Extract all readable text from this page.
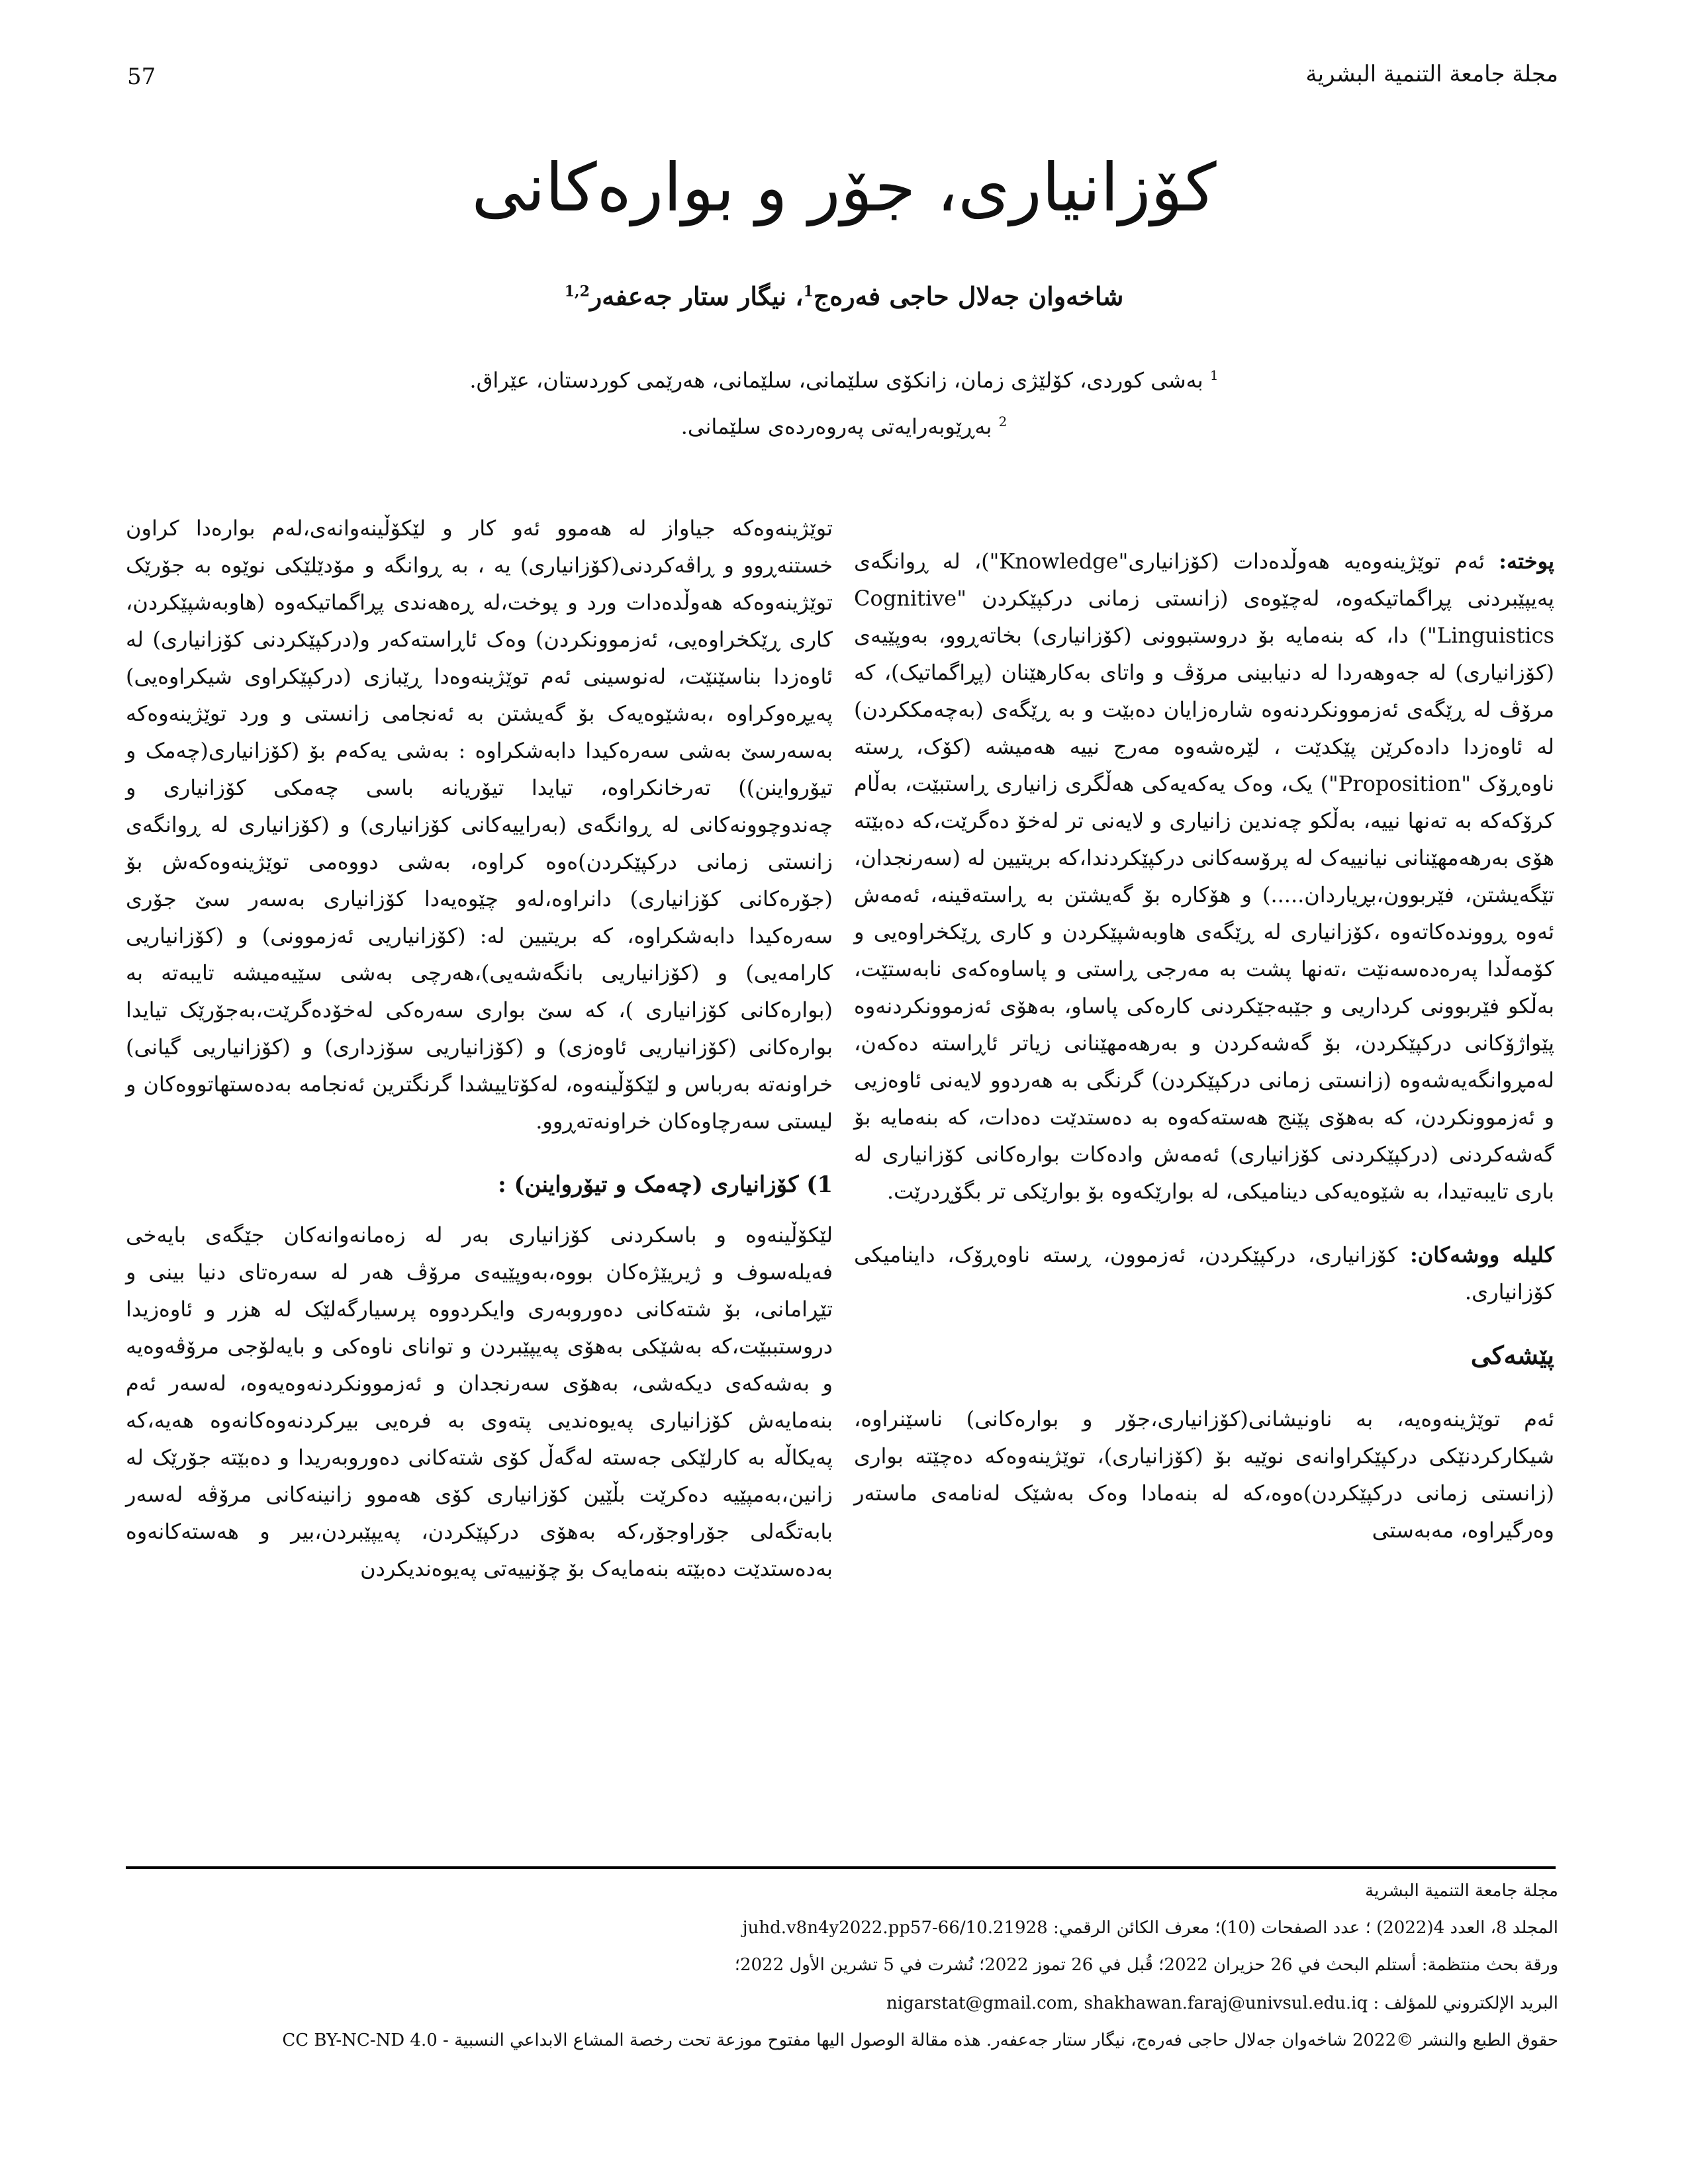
57	مجلة جامعة التنمية البشرية
کۆزانیاری، جۆر و بوارەکانی
شاخەوان جەلال حاجی فەرەج$^1$، نیگار ستار جەعفەر$^{1,2}$
$^1$ بەشی کوردی، کۆلێژی زمان، زانکۆی سلێمانی، سلێمانی، هەرێمی کوردستان، عێراق.
$^2$ بەڕێوبەرایەتی پەروەردەی سلێمانی.

پوختە: ئەم توێژینەوەیە هەوڵدەدات (کۆزانیاری"Knowledge")، لە ڕوانگەی پەیپێبردنی پڕاگماتیکەوە، لەچێوەی (زانستی زمانی درکپێکردن "Cognitive Linguistics") دا، کە بنەمایە بۆ دروستبوونی (کۆزانیاری) بخاتەڕوو، بەوپێیەی (کۆزانیاری) لە جەوهەردا لە دنیابینی مرۆڤ و واتای بەکارهێنان (پڕاگماتیک)، کە مرۆڤ لە ڕێگەی ئەزموونکردنەوە شارەزایان دەبێت و بە ڕێگەی (بەچەمککردن) لە ئاوەزدا دادەکرێن پێکدێت ، لێرەشەوە مەرج نییە هەمیشە (کۆک، ڕستە ناوەڕۆک "Proposition") یک، وەک یەکەیەکی هەڵگری زانیاری ڕاستبێت، بەڵام کرۆکەکە بە تەنها نییە، بەڵکو چەندین زانیاری و لایەنی تر لەخۆ دەگرێت،کە دەبێتە هۆی بەرهەمهێنانی نیانییەک لە پرۆسەکانی درکپێکردندا،کە بریتیین لە (سەرنجدان، تێگەیشتن، فێربوون،بڕیاردان.....) و هۆکارە بۆ گەیشتن بە ڕاستەقینە، ئەمەش ئەوە ڕووندەکاتەوە ،کۆزانیاری لە ڕێگەی هاوبەشپێکردن و کاری ڕێکخراوەیی و کۆمەڵدا پەرەدەسەنێت ،تەنها پشت بە مەرجی ڕاستی و پاساوەکەی نابەستێت، بەڵکو فێربوونی کرداریی و جێبەجێکردنی کارەکی پاساو، بەهۆی ئەزموونکردنەوە پێواژۆکانی درکپێکردن، بۆ گەشەکردن و بەرهەمهێنانی زیاتر ئاڕاستە دەکەن، لەمڕوانگەیەشەوە (زانستی زمانی درکپێکردن) گرنگی بە هەردوو لایەنی ئاوەزیی و ئەزموونکردن، کە بەهۆی پێنج هەستەکەوە بە دەستدێت دەدات، کە بنەمایە بۆ گەشەکردنی (درکپێکردنی کۆزانیاری) ئەمەش وادەکات بوارەکانی کۆزانیاری لە باری تایبەتیدا، بە شێوەیەکی دینامیکی، لە بوارێکەوە بۆ بوارێکی تر بگۆڕدرێت.

کلیلە ووشەکان: کۆزانیاری، درکپێکردن، ئەزموون، ڕستە ناوەڕۆک، داینامیکی کۆزانیاری.

پێشەکی

ئەم توێژینەوەیە، بە ناونیشانی(کۆزانیاری،جۆر و بوارەکانی) ناسێنراوە، شیکارکردنێکی درکپێکراوانەی نوێیە بۆ (کۆزانیاری)، توێژینەوەکە دەچێتە بواری (زانستی زمانی درکپێکردن)ەوە،کە لە بنەمادا وەک بەشێک لەنامەی ماستەر وەرگیراوە، مەبەستی

توێژینەوەکە جیاواز لە هەموو ئەو کار و لێکۆڵینەوانەی،لەم بوارەدا کراون خستنەڕوو و ڕاڤەکردنی(کۆزانیاری) یە ، بە ڕوانگە و مۆدێلێکی نوێوە بە جۆرێک توێژینەوەکە هەوڵدەدات ورد و پوخت،لە ڕەهەندی پڕاگماتیکەوە (هاوبەشپێکردن، کاری ڕێکخراوەیی، ئەزموونکردن) وەک ئاڕاستەکەر و(درکپێکردنی کۆزانیاری) لە ئاوەزدا بناسێنێت، لەنوسینی ئەم توێژینەوەدا ڕێبازی (درکپێکراوی شیکراوەیی) پەیڕەوکراوە ،بەشێوەیەک بۆ گەیشتن بە ئەنجامی زانستی و ورد توێژینەوەکە بەسەرسێ بەشی سەرەکیدا دابەشکراوە : بەشی یەکەم بۆ (کۆزانیاری(چەمک و تیۆرواینن)) تەرخانکراوە، تیایدا تیۆریانە باسی چەمکی کۆزانیاری و چەندوچوونەکانی لە ڕوانگەی (بەراییەکانی کۆزانیاری) و (کۆزانیاری لە ڕوانگەی زانستی زمانی درکپێکردن)ەوە کراوە، بەشی دووەمی توێژینەوەکەش بۆ (جۆرەکانی کۆزانیاری) دانراوە،لەو چێوەیەدا کۆزانیاری بەسەر سێ جۆری سەرەکیدا دابەشکراوە، کە بریتیین لە: (کۆزانیاریی ئەزموونی) و (کۆزانیاریی کارامەیی) و (کۆزانیاریی بانگەشەیی)،هەرچی بەشی سێیەمیشە تایبەتە بە (بوارەکانی کۆزانیاری )، کە سێ بواری سەرەکی لەخۆدەگرێت،بەجۆرێک تیایدا بوارەکانی (کۆزانیاریی ئاوەزی) و (کۆزانیاریی سۆزداری) و (کۆزانیاریی گیانی) خراونەتە بەرباس و لێکۆڵینەوە، لەکۆتاییشدا گرنگترین ئەنجامە بەدەستهاتووەکان و لیستی سەرچاوەکان خراونەتەڕوو.

1) کۆزانیاری (چەمک و تیۆرواینن) :

لێکۆڵینەوە و باسکردنی کۆزانیاری بەر لە زەمانەوانەکان جێگەی بایەخی فەیلەسوف و ژیریێژەکان بووە،بەوپێیەی مرۆڤ هەر لە سەرەتای دنیا بینی و تێڕامانی، بۆ شتەکانی دەوروبەری وایکردووە پرسیارگەلێک لە هزر و ئاوەزیدا دروستببێت،کە بەشێکی بەهۆی پەیپێبردن و توانای ناوەکی و بایەلۆجی مرۆڤەوەیە و بەشەکەی دیکەشی، بەهۆی سەرنجدان و ئەزموونکردنەوەیەوە، لەسەر ئەم بنەمایەش کۆزانیاری پەیوەندیی پتەوی بە فرەیی بیرکردنەوەکانەوە هەیە،کە پەیکاڵە بە کارلێکی جەستە لەگەڵ کۆی شتەکانی دەوروبەریدا و دەبێتە جۆرێک لە زانین،بەمپێیە دەکرێت بڵێین کۆزانیاری کۆی هەموو زانینەکانی مرۆڤە لەسەر بابەتگەلی جۆراوجۆر،کە بەهۆی درکپێکردن، پەیپێبردن،بیر و هەستەکانەوە بەدەستدێت دەبێتە بنەمایەک بۆ چۆنییەتی پەیوەندیکردن

مجلة جامعة التنمية البشرية
المجلد 8، العدد 4(2022) ؛ عدد الصفحات (10)؛ معرف الكائن الرقمي: 10.21928/juhd.v8n4y2022.pp57-66
ورقة بحث منتظمة: أستلم البحث في 26 حزيران 2022؛ قُبل في 26 تموز 2022؛ نُشرت في 5 تشرين الأول 2022؛
البريد الإلكتروني للمؤلف : nigarstat@gmail.com, shakhawan.faraj@univsul.edu.iq
حقوق الطبع والنشر ©2022 شاخەوان جەلال حاجی فەرەج، نیگار ستار جەعفەر. هذه مقالة الوصول اليها مفتوح موزعة تحت رخصة المشاع الابداعي النسبية - CC BY-NC-ND 4.0
